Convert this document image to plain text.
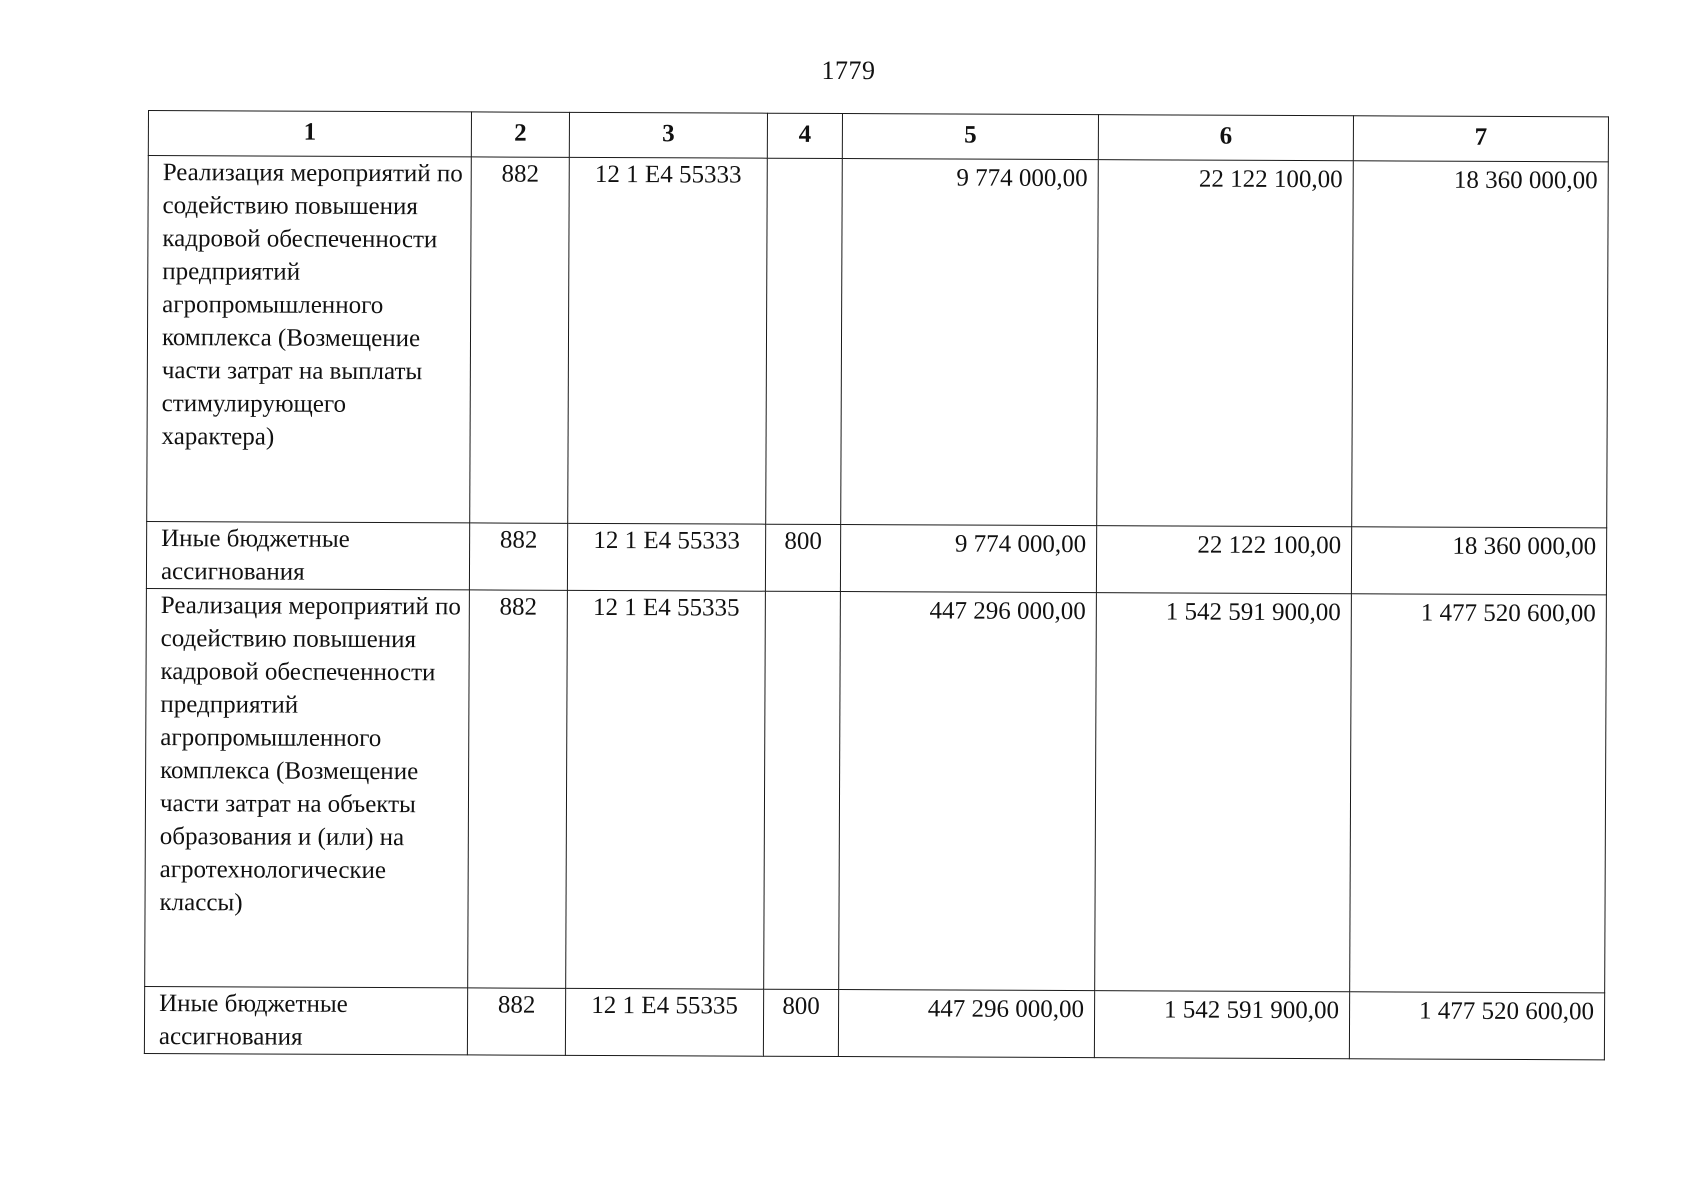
1779
1	2	3	4	5	6	7
Реализация мероприятий по содействию повышения кадровой обеспеченности предприятий агропромышленного комплекса (Возмещение части затрат на выплаты стимулирующего характера)	882	12 1 Е4 55333		9 774 000,00	22 122 100,00	18 360 000,00
Иные бюджетные ассигнования	882	12 1 Е4 55333	800	9 774 000,00	22 122 100,00	18 360 000,00
Реализация мероприятий по содействию повышения кадровой обеспеченности предприятий агропромышленного комплекса (Возмещение части затрат на объекты образования и (или) на агротехнологические классы)	882	12 1 Е4 55335		447 296 000,00	1 542 591 900,00	1 477 520 600,00
Иные бюджетные ассигнования	882	12 1 Е4 55335	800	447 296 000,00	1 542 591 900,00	1 477 520 600,00
